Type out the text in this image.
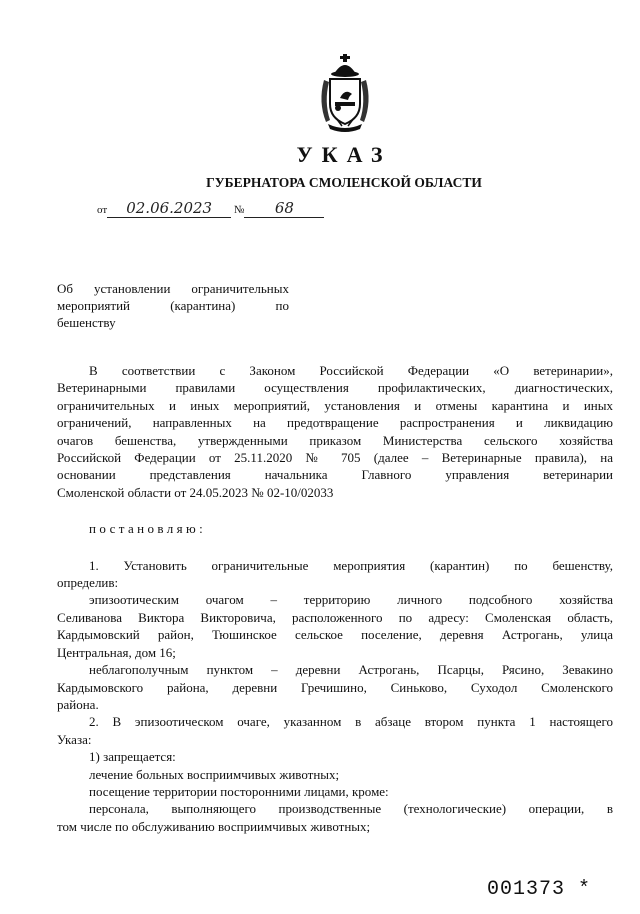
УКАЗ
ГУБЕРНАТОРА СМОЛЕНСКОЙ ОБЛАСТИ
от 02.06.2023 № 68
Об установлении ограничительных
мероприятий (карантина) по
бешенству

В соответствии с Законом Российской Федерации «О ветеринарии»,
Ветеринарными правилами осуществления профилактических, диагностических,
ограничительных и иных мероприятий, установления и отмены карантина и иных
ограничений, направленных на предотвращение распространения и ликвидацию
очагов бешенства, утвержденными приказом Министерства сельского хозяйства
Российской Федерации от 25.11.2020 № 705 (далее – Ветеринарные правила), на
основании представления начальника Главного управления ветеринарии
Смоленской области от 24.05.2023 № 02-10/02033

постановляю:

1. Установить ограничительные мероприятия (карантин) по бешенству,
определив:

эпизоотическим очагом – территорию личного подсобного хозяйства
Селиванова Виктора Викторовича, расположенного по адресу: Смоленская область,
Кардымовский район, Тюшинское сельское поселение, деревня Астрогань, улица
Центральная, дом 16;

неблагополучным пунктом – деревни Астрогань, Псарцы, Рясино, Зевакино
Кардымовского района, деревни Гречишино, Синьково, Суходол Смоленского
района.

2. В эпизоотическом очаге, указанном в абзаце втором пункта 1 настоящего
Указа:

1) запрещается:

лечение больных восприимчивых животных;

посещение территории посторонними лицами, кроме:

персонала, выполняющего производственные (технологические) операции, в
том числе по обслуживанию восприимчивых животных;

001373 *
